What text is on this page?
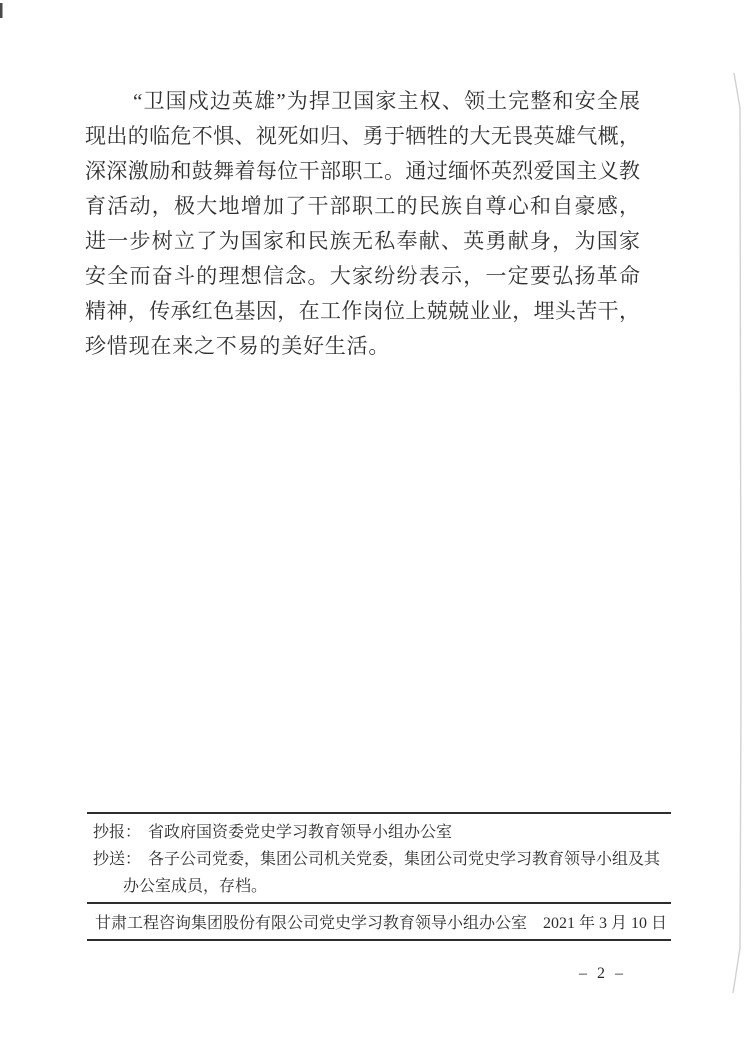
“卫国戍边英雄”为捍卫国家主权、领土完整和安全展
现出的临危不惧、视死如归、勇于牺牲的大无畏英雄气概，
深深激励和鼓舞着每位干部职工。通过缅怀英烈爱国主义教
育活动，极大地增加了干部职工的民族自尊心和自豪感，
进一步树立了为国家和民族无私奉献、英勇献身，为国家
安全而奋斗的理想信念。大家纷纷表示，一定要弘扬革命
精神，传承红色基因，在工作岗位上兢兢业业，埋头苦干，
珍惜现在来之不易的美好生活。
抄报： 省政府国资委党史学习教育领导小组办公室
抄送： 各子公司党委，集团公司机关党委，集团公司党史学习教育领导小组及其
办公室成员，存档。
甘肃工程咨询集团股份有限公司党史学习教育领导小组办公室 2021 年 3 月 10 日
– 2 –
